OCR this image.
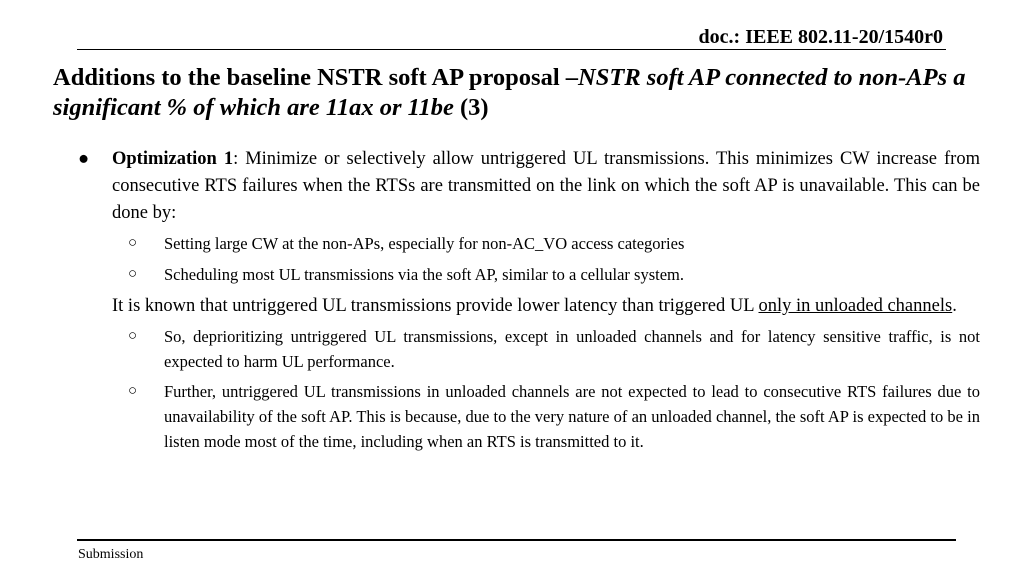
doc.: IEEE 802.11-20/1540r0
Additions to the baseline NSTR soft AP proposal –NSTR soft AP connected to non-APs a significant % of which are 11ax or 11be (3)
● Optimization 1: Minimize or selectively allow untriggered UL transmissions. This minimizes CW increase from consecutive RTS failures when the RTSs are transmitted on the link on which the soft AP is unavailable. This can be done by:
○ Setting large CW at the non-APs, especially for non-AC_VO access categories
○ Scheduling most UL transmissions via the soft AP, similar to a cellular system.
It is known that untriggered UL transmissions provide lower latency than triggered UL only in unloaded channels.
○ So, deprioritizing untriggered UL transmissions, except in unloaded channels and for latency sensitive traffic, is not expected to harm UL performance.
○ Further, untriggered UL transmissions in unloaded channels are not expected to lead to consecutive RTS failures due to unavailability of the soft AP. This is because, due to the very nature of an unloaded channel, the soft AP is expected to be in listen mode most of the time, including when an RTS is transmitted to it.
Submission
